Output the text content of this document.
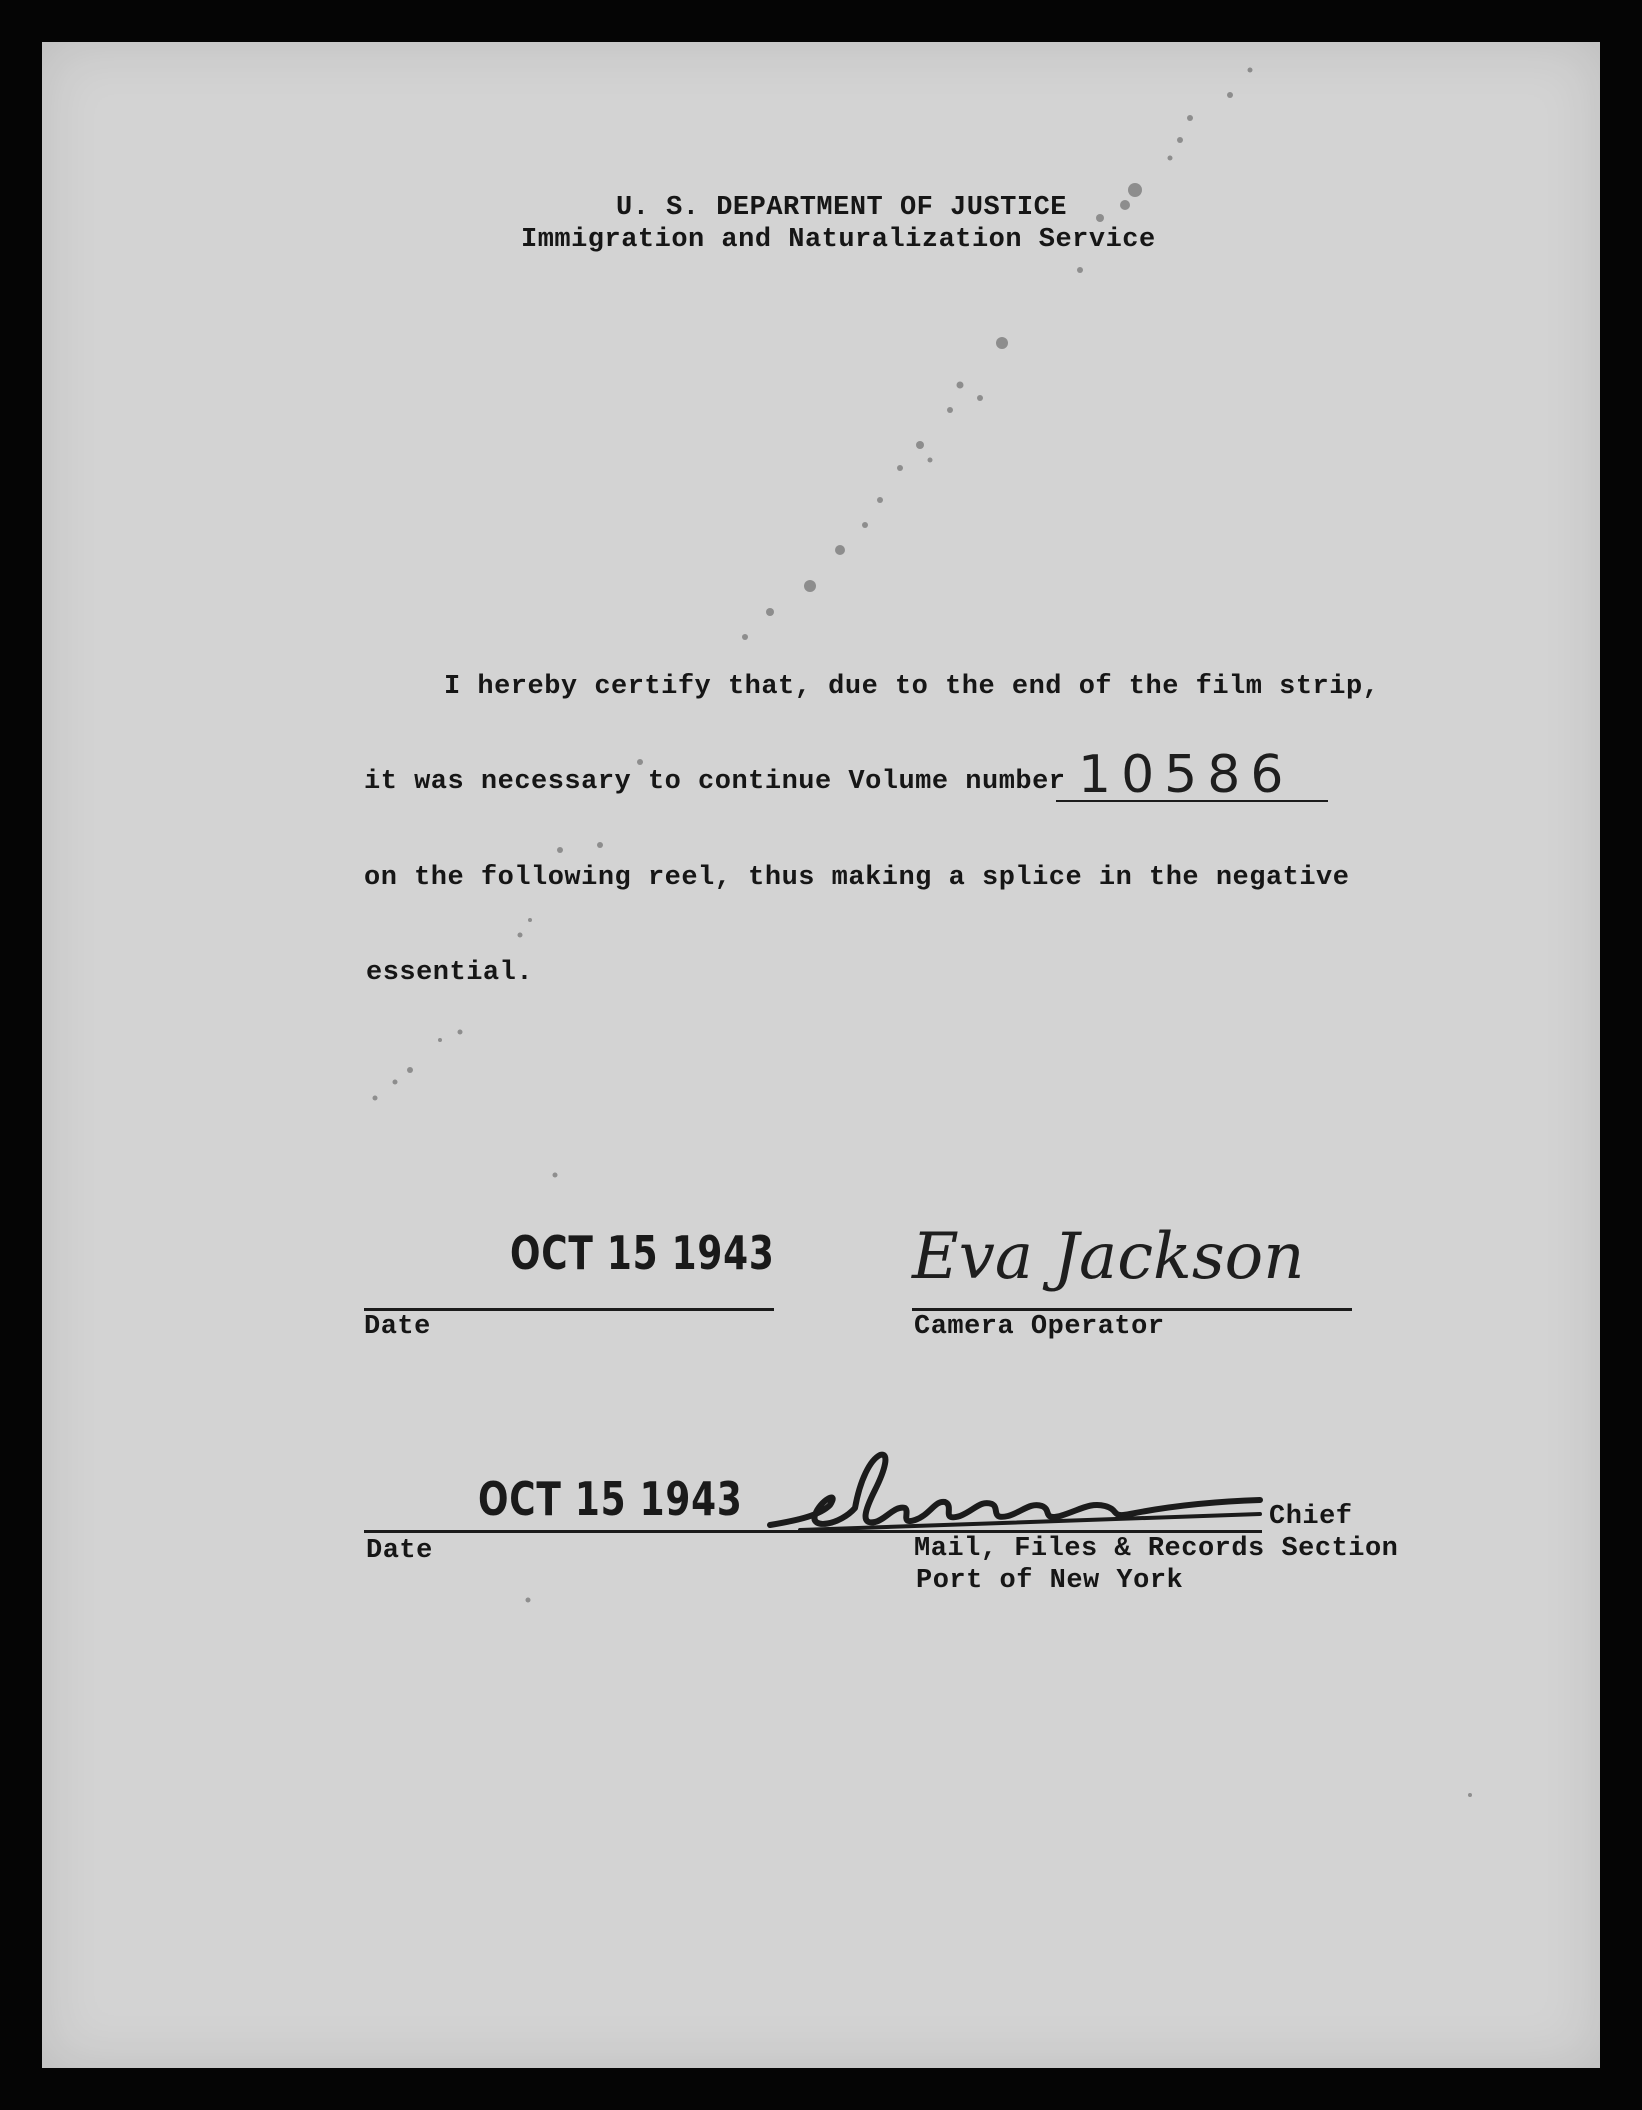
U. S. DEPARTMENT OF JUSTICE
Immigration and Naturalization Service
I hereby certify that, due to the end of the film strip,
it was necessary to continue Volume number 10586
on the following reel, thus making a splice in the negative
essential.
OCT 15 1943
Date
Eva Jackson
Camera Operator
OCT 15 1943
Date
Chief
Mail, Files & Records Section
Port of New York
